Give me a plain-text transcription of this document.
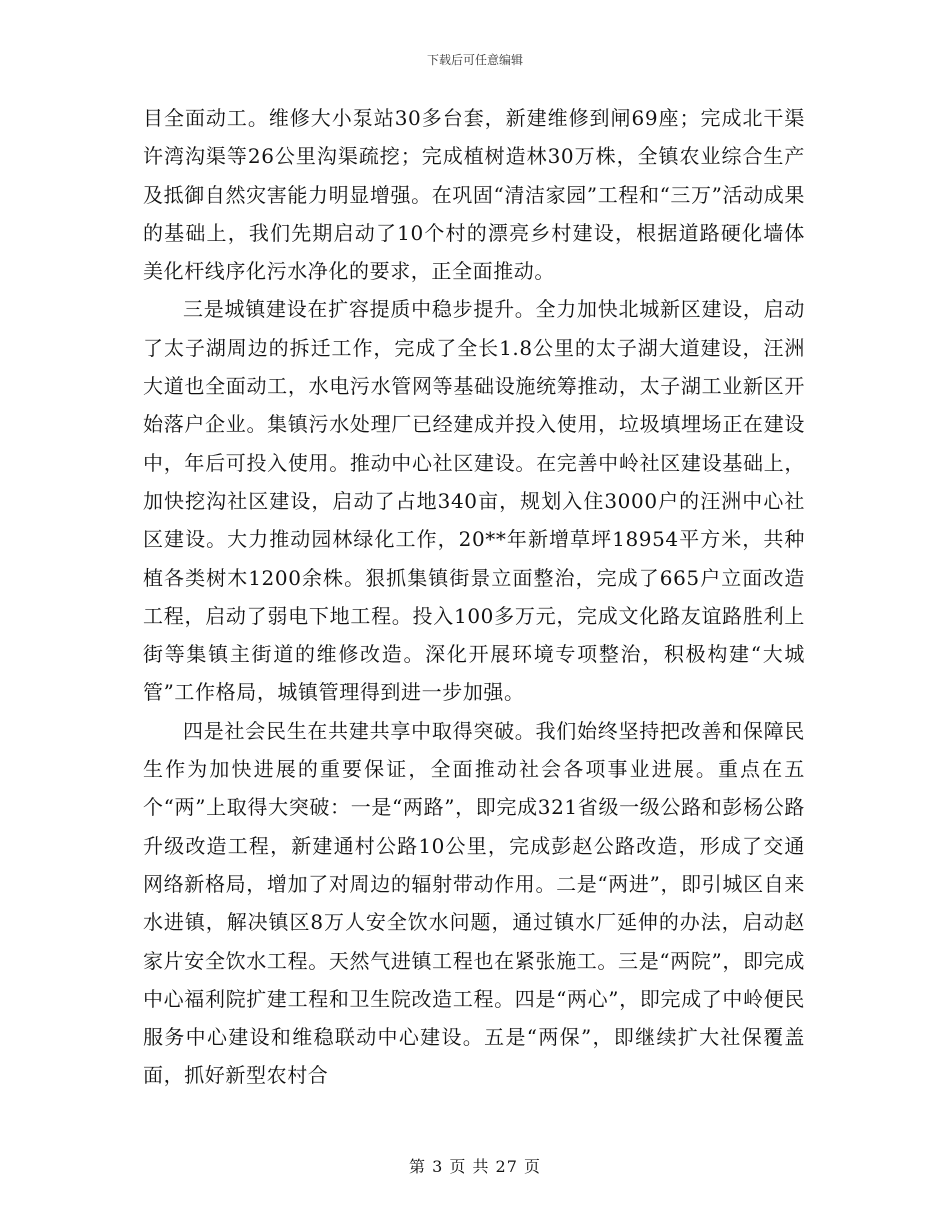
下载后可任意编辑

目全面动工。维修大小泵站30多台套，新建维修到闸69座；完成北干渠许湾沟渠等26公里沟渠疏挖；完成植树造林30万株，全镇农业综合生产及抵御自然灾害能力明显增强。在巩固“清洁家园”工程和“三万”活动成果的基础上，我们先期启动了10个村的漂亮乡村建设，根据道路硬化墙体美化杆线序化污水净化的要求，正全面推动。

三是城镇建设在扩容提质中稳步提升。全力加快北城新区建设，启动了太子湖周边的拆迁工作，完成了全长1.8公里的太子湖大道建设，汪洲大道也全面动工，水电污水管网等基础设施统筹推动，太子湖工业新区开始落户企业。集镇污水处理厂已经建成并投入使用，垃圾填埋场正在建设中，年后可投入使用。推动中心社区建设。在完善中岭社区建设基础上，加快挖沟社区建设，启动了占地340亩，规划入住3000户的汪洲中心社区建设。大力推动园林绿化工作，20**年新增草坪18954平方米，共种植各类树木1200余株。狠抓集镇街景立面整治，完成了665户立面改造工程，启动了弱电下地工程。投入100多万元，完成文化路友谊路胜利上街等集镇主街道的维修改造。深化开展环境专项整治，积极构建“大城管”工作格局，城镇管理得到进一步加强。

四是社会民生在共建共享中取得突破。我们始终坚持把改善和保障民生作为加快进展的重要保证，全面推动社会各项事业进展。重点在五个“两”上取得大突破：一是“两路”，即完成321省级一级公路和彭杨公路升级改造工程，新建通村公路10公里，完成彭赵公路改造，形成了交通网络新格局，增加了对周边的辐射带动作用。二是“两进”，即引城区自来水进镇，解决镇区8万人安全饮水问题，通过镇水厂延伸的办法，启动赵家片安全饮水工程。天然气进镇工程也在紧张施工。三是“两院”，即完成中心福利院扩建工程和卫生院改造工程。四是“两心”，即完成了中岭便民服务中心建设和维稳联动中心建设。五是“两保”，即继续扩大社保覆盖面，抓好新型农村合

第 3 页 共 27 页
